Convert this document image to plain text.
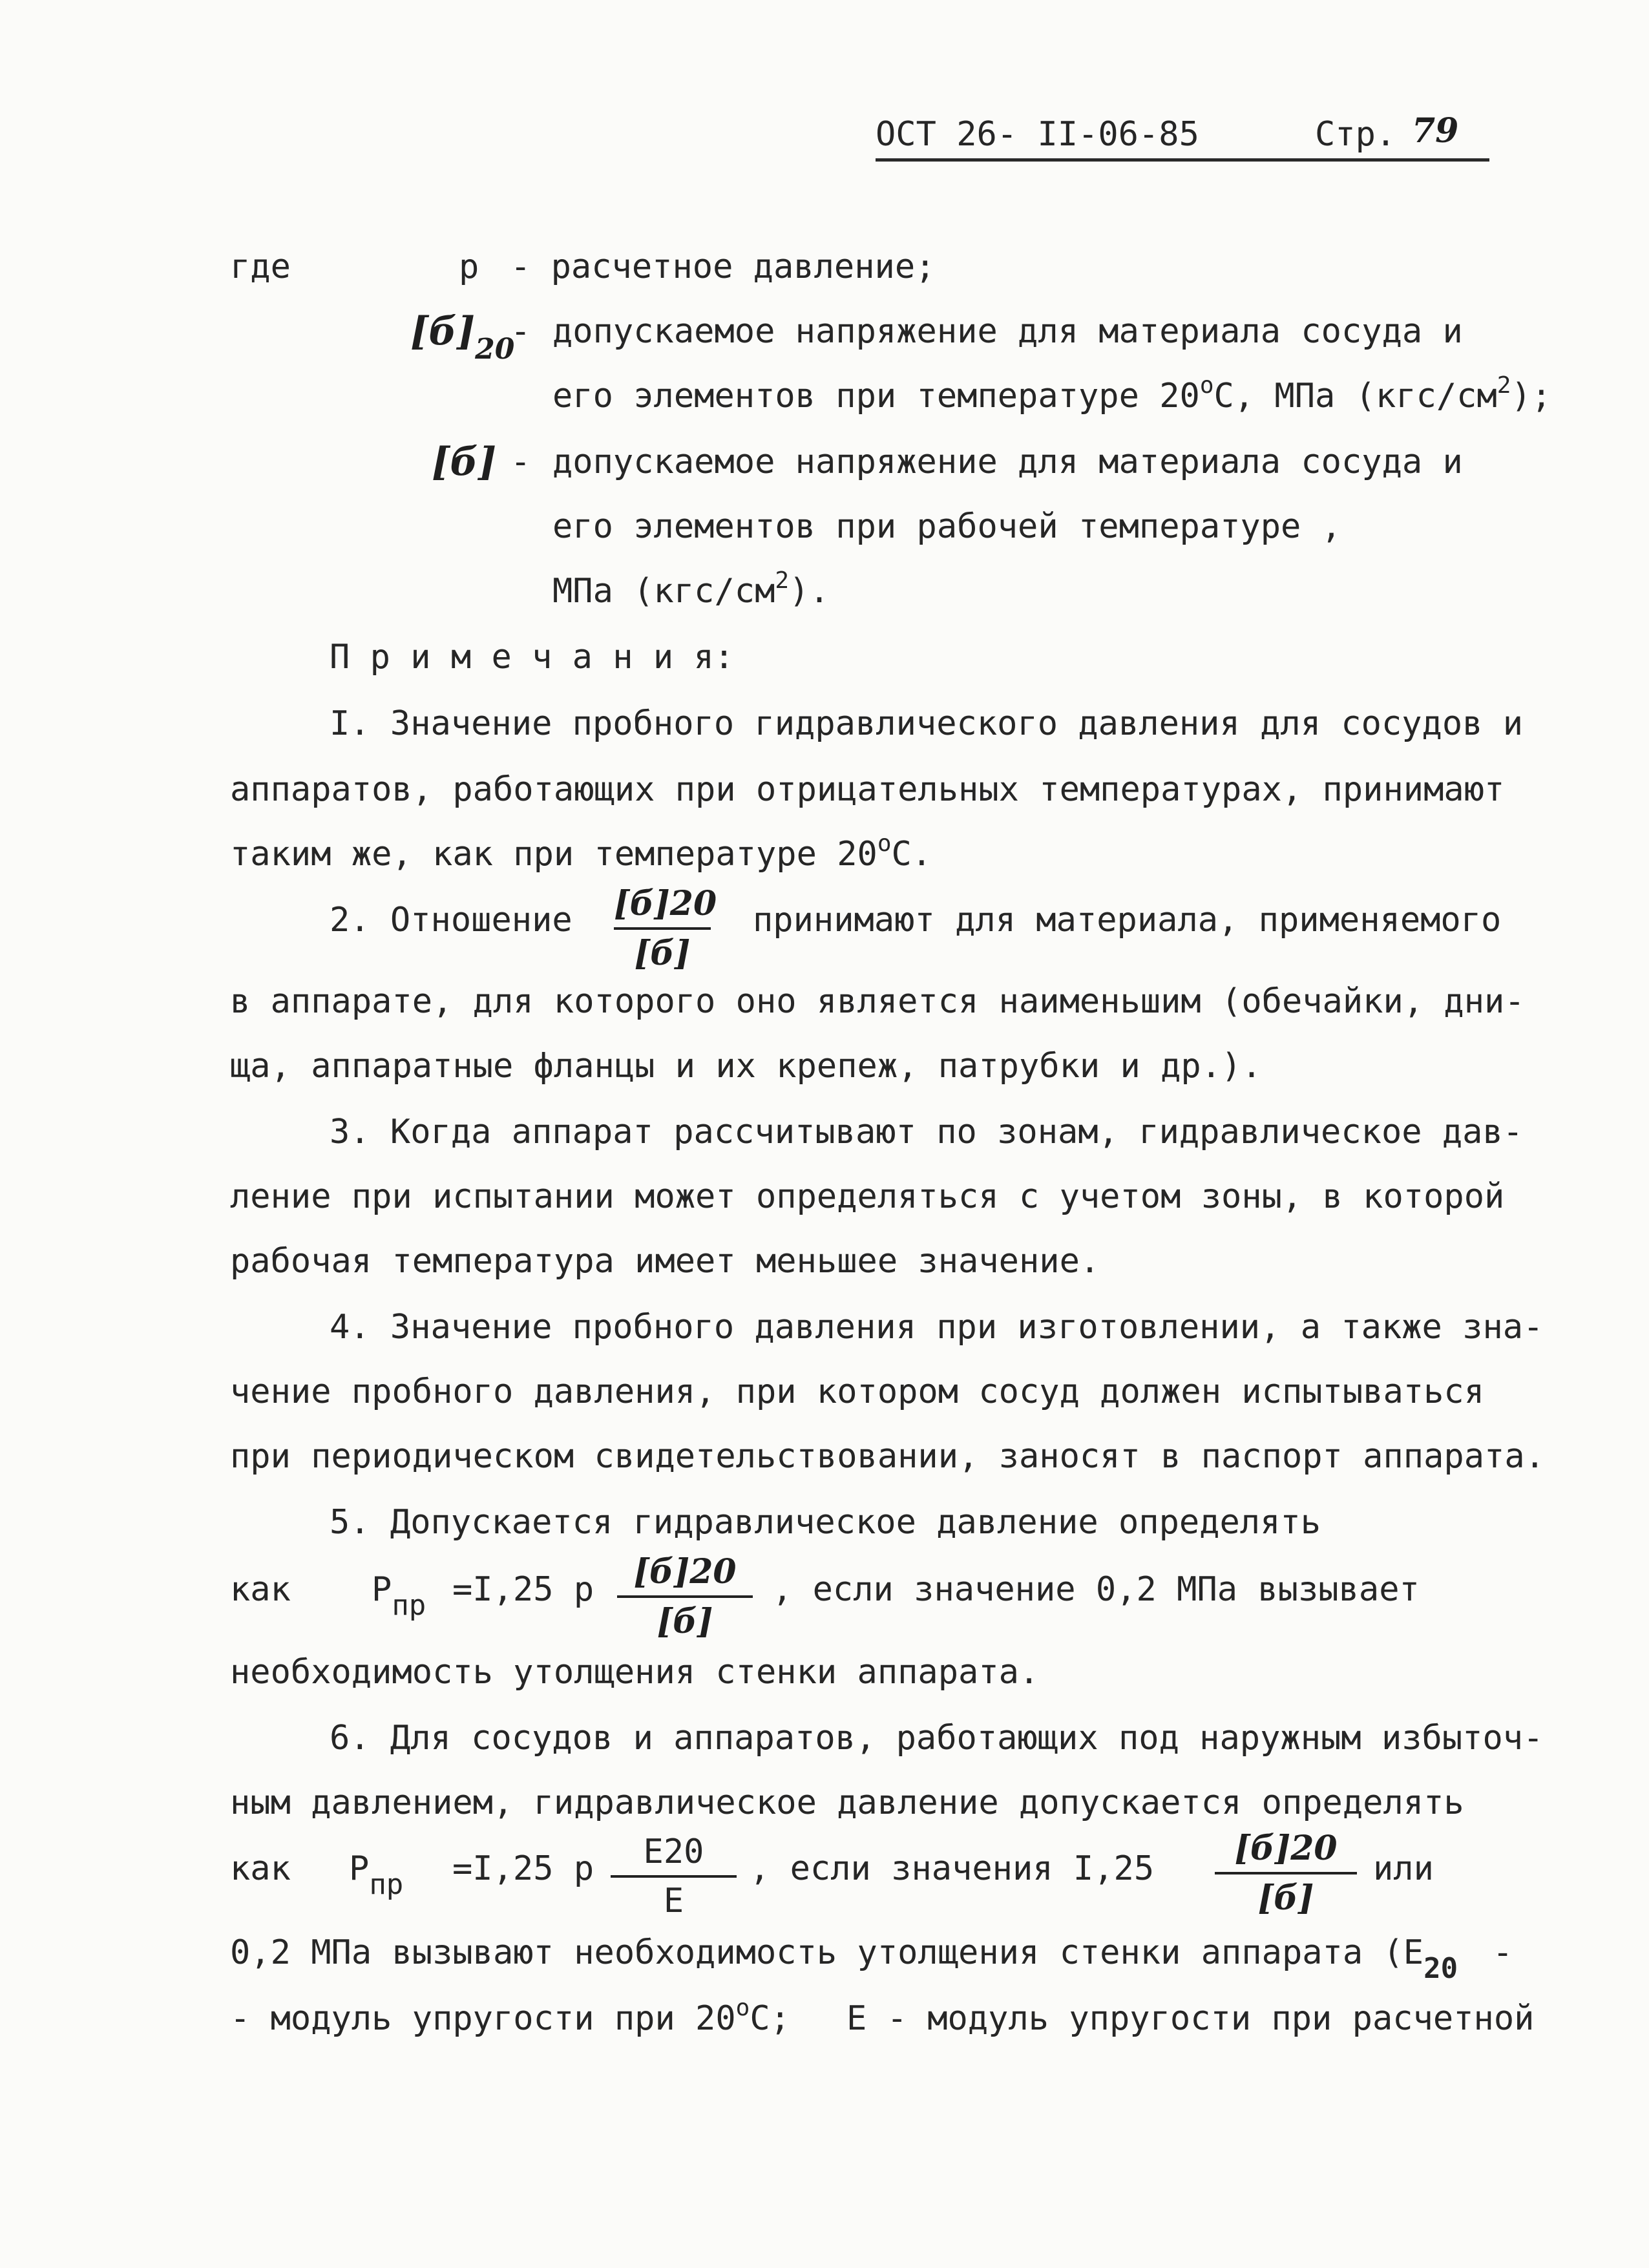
ОСТ 26- II-06-85	Стр. 79
где	р - расчетное давление;
$[б]_{20}$
- допускаемое напряжение для материала сосуда и
его элементов при температуре $20^оС$, МПа $(кгс/см^2)$;
[б] - допускаемое напряжение для материала сосуда и
его элементов при рабочей температуре ,
МПа $(кгс/см^2)$.
П р и м е ч а н и я:
I. Значение пробного гидравлического давления для сосудов и
аппаратов, работающих при отрицательных температурах, принимают
таким же, как при температуре $20^оС$.
2. Отношение [б]20
[б]
принимают для материала, применяемого
в аппарате, для которого оно является наименьшим (обечайки, дни-
ща, аппаратные фланцы и их крепеж, патрубки и др.).
3. Когда аппарат рассчитывают по зонам, гидравлическое дав-
ление при испытании может определяться с учетом зоны, в которой
рабочая температура имеет меньшее значение.
4. Значение пробного давления при изготовлении, а также зна-
чение пробного давления, при котором сосуд должен испытываться
при периодическом свидетельствовании, заносят в паспорт аппарата.
5. Допускается гидравлическое давление определять
как $Р_{пр} =I,25$ р	[б]20
[б]
, если значение 0,2 МПа вызывает
необходимость утолщения стенки аппарата.
6. Для сосудов и аппаратов, работающих под наружным избыточ-
ным давлением, гидравлическое давление допускается определять
как $Р_{пр} =I,25$ р	Е20
Е
, если значения I,25
[б]20
[б]
или
0,2 МПа вызывают необходимость утолщения стенки аппарата ($Е_{20}$ -
- модуль упругости при $20^оС$; Е - модуль упругости при расчетной
